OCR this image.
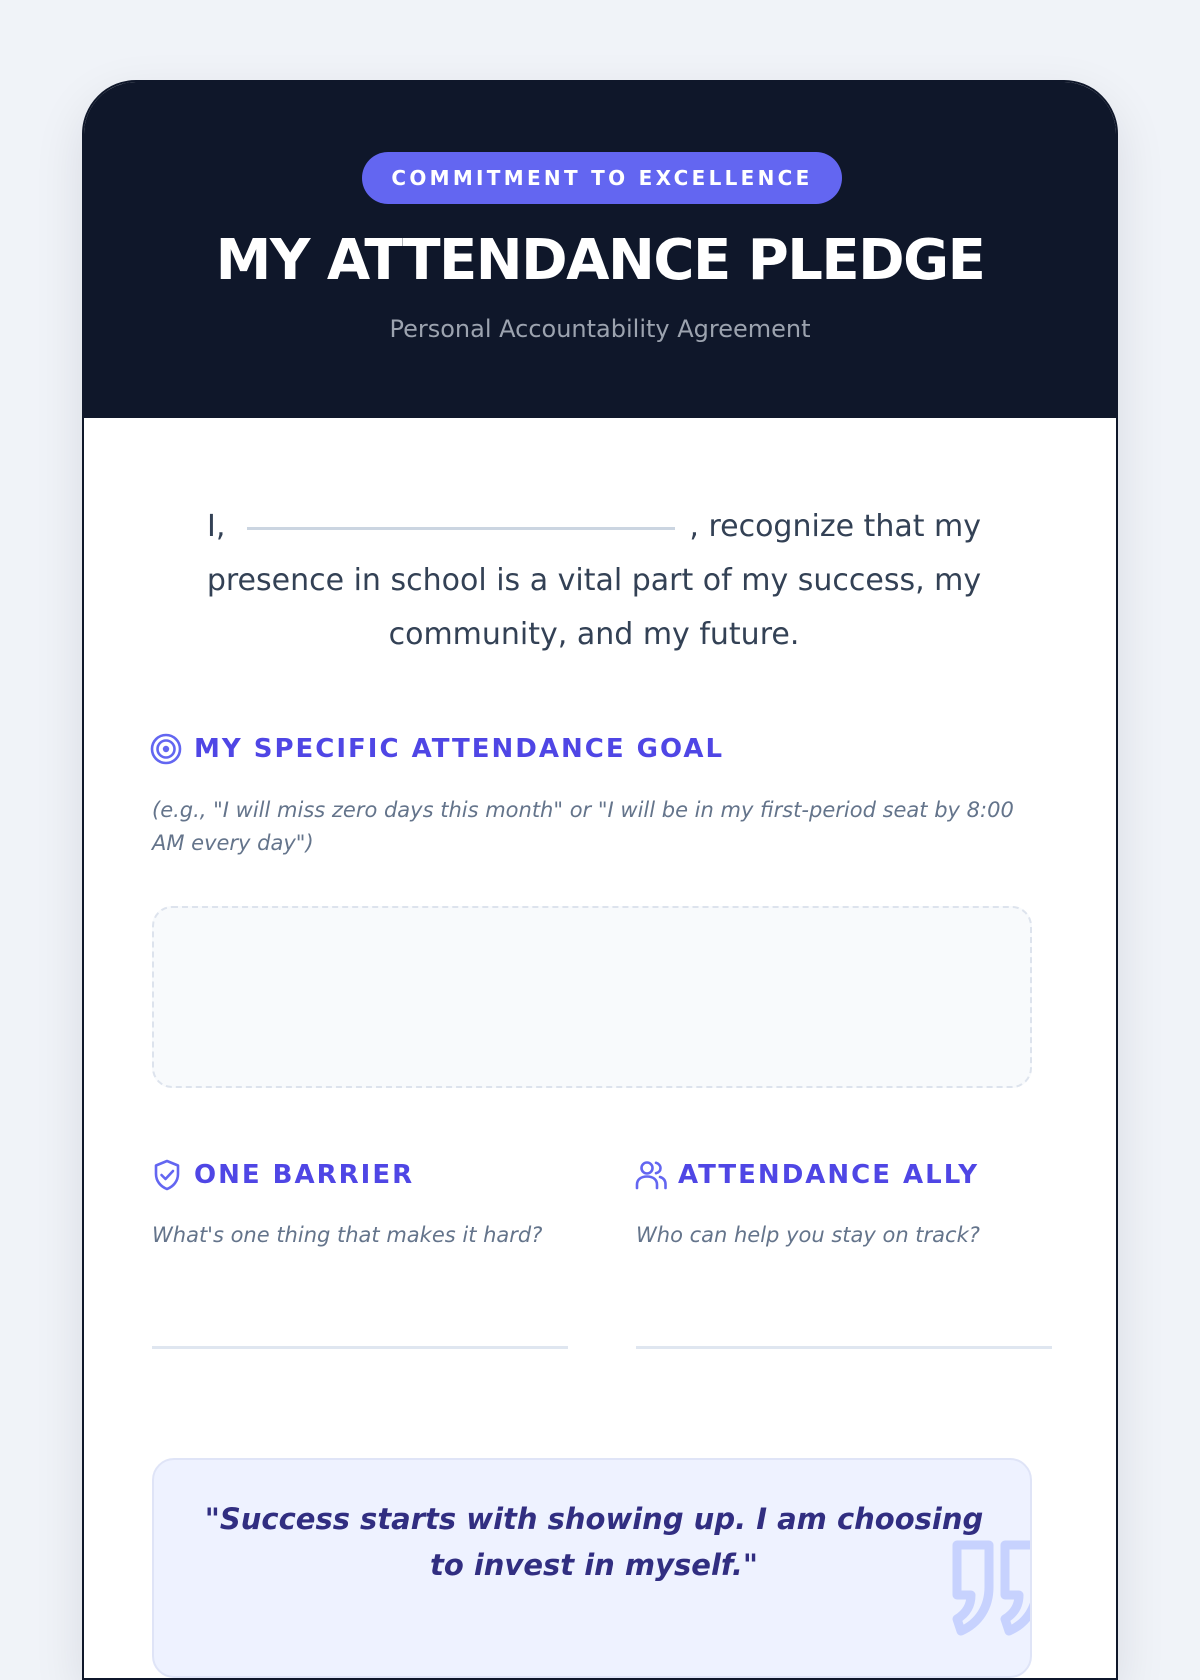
COMMITMENT TO EXCELLENCE
MY ATTENDANCE PLEDGE
Personal Accountability Agreement
I,	, recognize that my presence in school is a vital part of my success, my community, and my future.
MY SPECIFIC ATTENDANCE GOAL
(e.g., "I will miss zero days this month" or "I will be in my first-period seat by 8:00 AM every day")
ONE BARRIER
What's one thing that makes it hard?
ATTENDANCE ALLY
Who can help you stay on track?
"Success starts with showing up. I am choosing to invest in myself."
